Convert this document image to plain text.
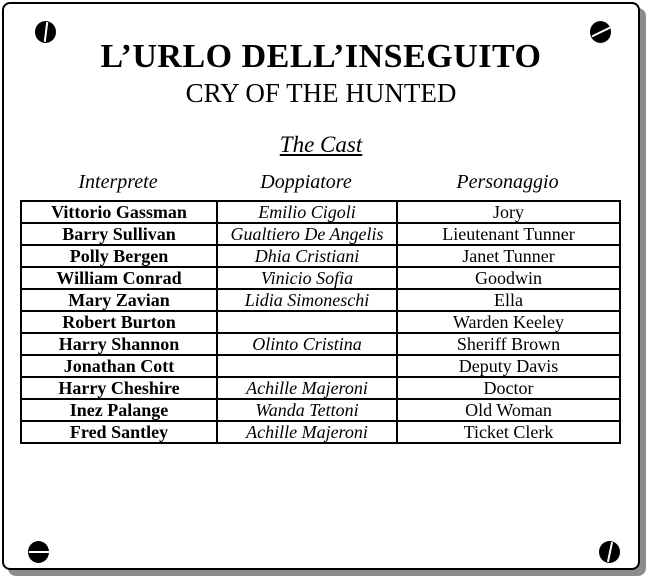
L’URLO DELL’INSEGUITO
CRY OF THE HUNTED
The Cast
Interprete	Doppiatore	Personaggio
Vittorio Gassman	Emilio Cigoli	Jory
Barry Sullivan	Gualtiero De Angelis	Lieutenant Tunner
Polly Bergen	Dhia Cristiani	Janet Tunner
William Conrad	Vinicio Sofia	Goodwin
Mary Zavian	Lidia Simoneschi	Ella
Robert Burton		Warden Keeley
Harry Shannon	Olinto Cristina	Sheriff Brown
Jonathan Cott		Deputy Davis
Harry Cheshire	Achille Majeroni	Doctor
Inez Palange	Wanda Tettoni	Old Woman
Fred Santley	Achille Majeroni	Ticket Clerk
